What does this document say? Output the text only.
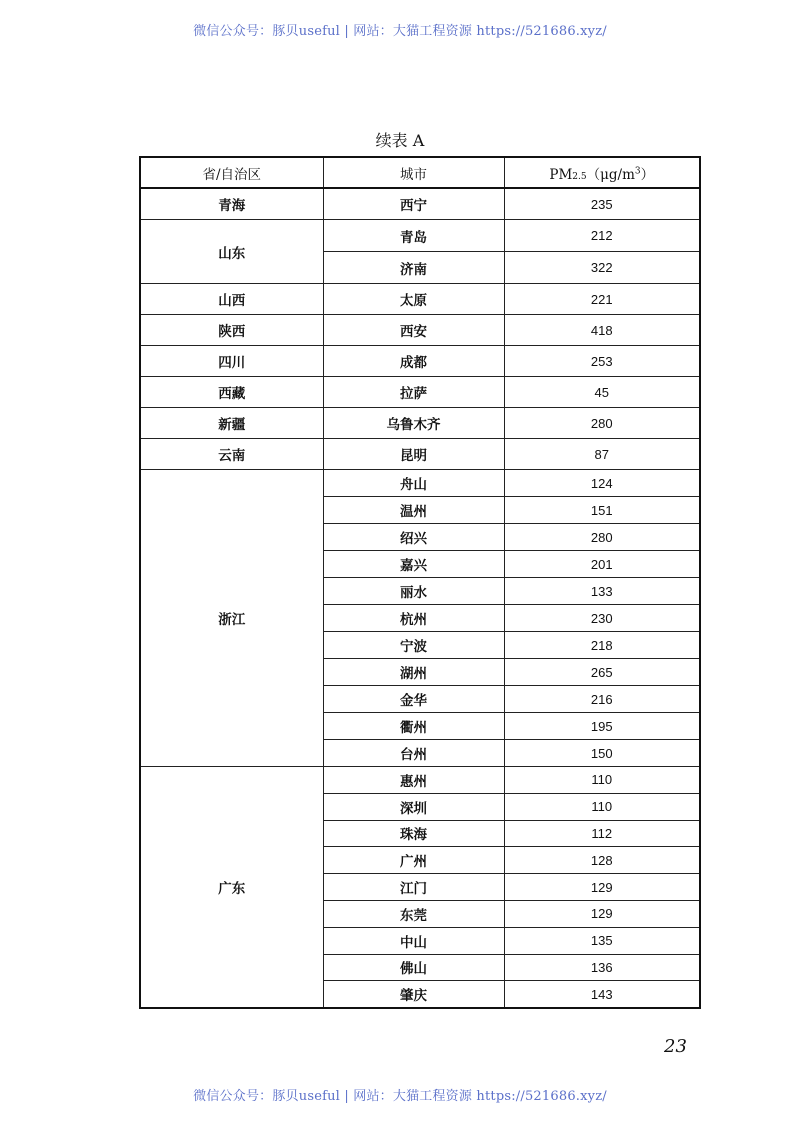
微信公众号：豚贝useful | 网站：大猫工程资源 https://521686.xyz/
续表 A
省/自治区	城市	$PM2.5(\mu g/m^3)$
青海	西宁	235
山东	青岛	212
	济南	322
山西	太原	221
陕西	西安	418
四川	成都	253
西藏	拉萨	45
新疆	乌鲁木齐	280
云南	昆明	87
浙江	舟山	124
	温州	151
	绍兴	280
	嘉兴	201
	丽水	133
	杭州	230
	宁波	218
	湖州	265
	金华	216
	衢州	195
	台州	150
广东	惠州	110
	深圳	110
	珠海	112
	广州	128
	江门	129
	东莞	129
	中山	135
	佛山	136
	肇庆	143
23
微信公众号：豚贝useful | 网站：大猫工程资源 https://521686.xyz/
